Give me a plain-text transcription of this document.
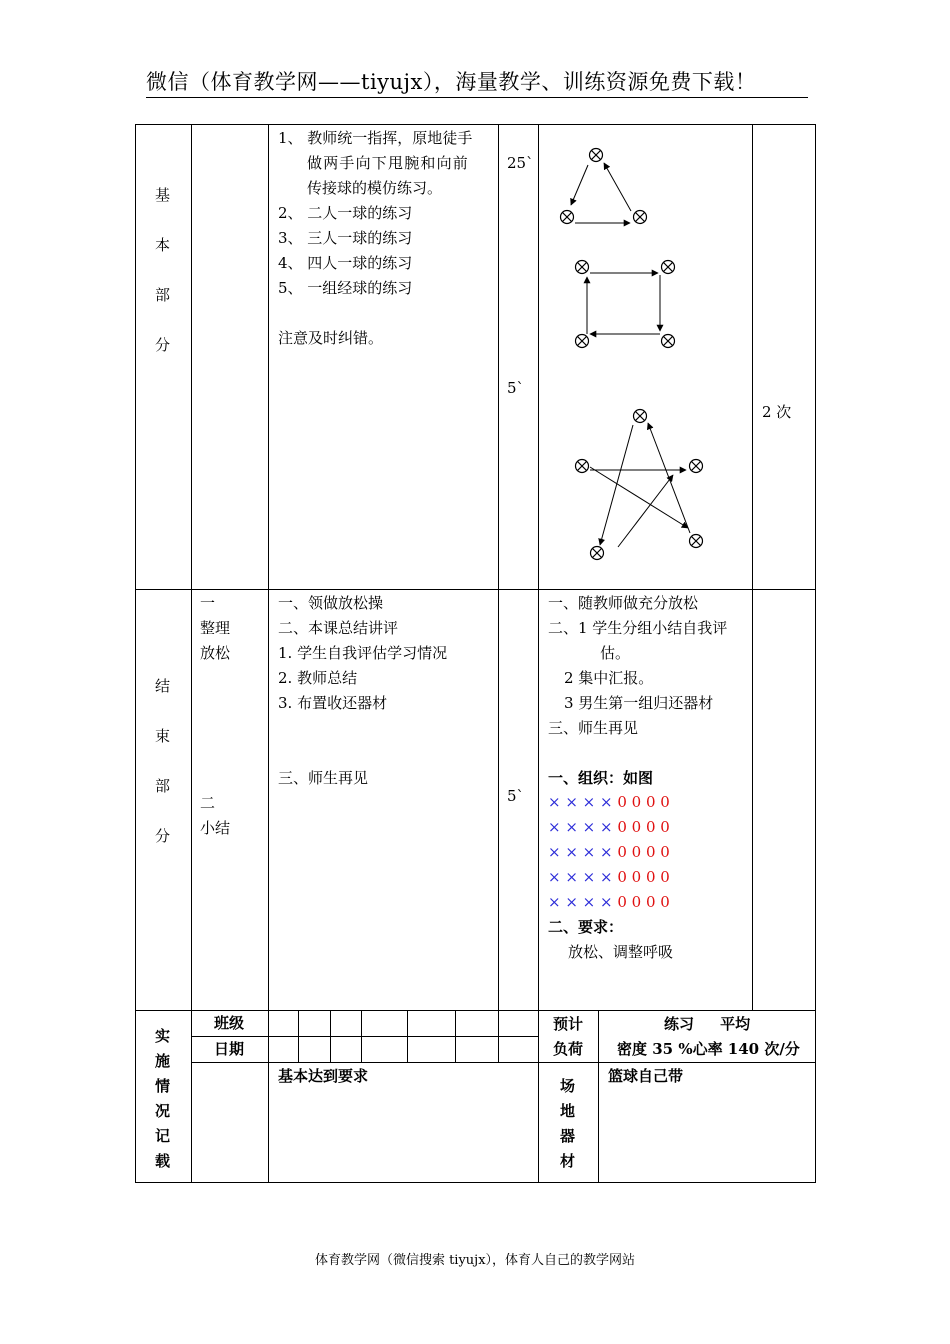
微信（体育教学网——tiyujx），海量教学、训练资源免费下载！
基
本
部
分
1、 教师统一指挥，原地徒手
做两手向下甩腕和向前
传接球的模仿练习。
2、 二人一球的练习
3、 三人一球的练习
4、 四人一球的练习
5、 一组经球的练习
注意及时纠错。
25`
5`
2 次
结
束
部
分
一
整理
放松
二
小结
一、领做放松操
二、本课总结讲评
1. 学生自我评估学习情况
2. 教师总结
3. 布置收还器材
三、师生再见
5`
一、随教师做充分放松
二、1 学生分组小结自我评
估。
2 集中汇报。
3 男生第一组归还器材
三、师生再见
一、组织：如图
× × × × 0 0 0 0
× × × × 0 0 0 0
× × × × 0 0 0 0
× × × × 0 0 0 0
× × × × 0 0 0 0
二、要求：
放松、调整呼吸
实
施
情
况
记
载
班级
日期
预计
负荷
练习     平均
密度 35 %心率 140 次/分
基本达到要求
场
地
器
材
篮球自己带
体育教学网（微信搜索 tiyujx），体育人自己的教学网站
